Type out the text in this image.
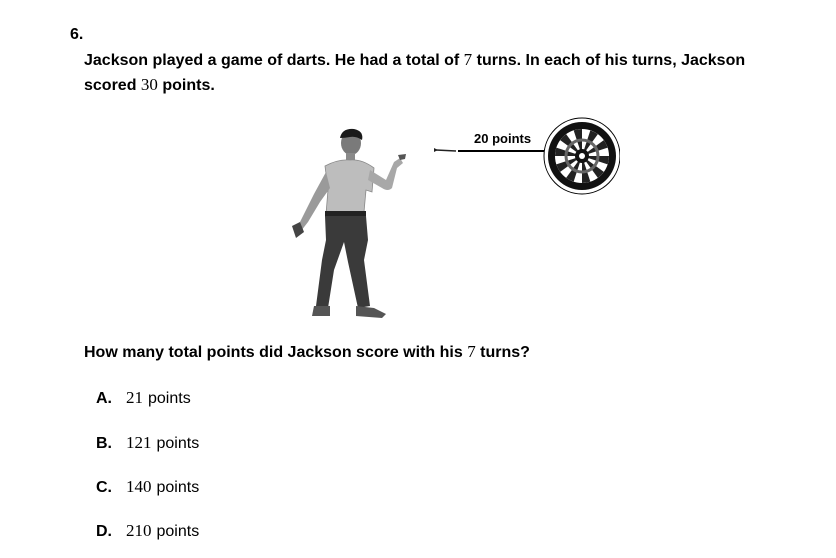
6.
Jackson played a game of darts. He had a total of 7 turns. In each of his turns, Jackson
scored 30 points.
20 points
How many total points did Jackson score with his 7 turns?
A. 21 points
B. 121 points
C. 140 points
D. 210 points
